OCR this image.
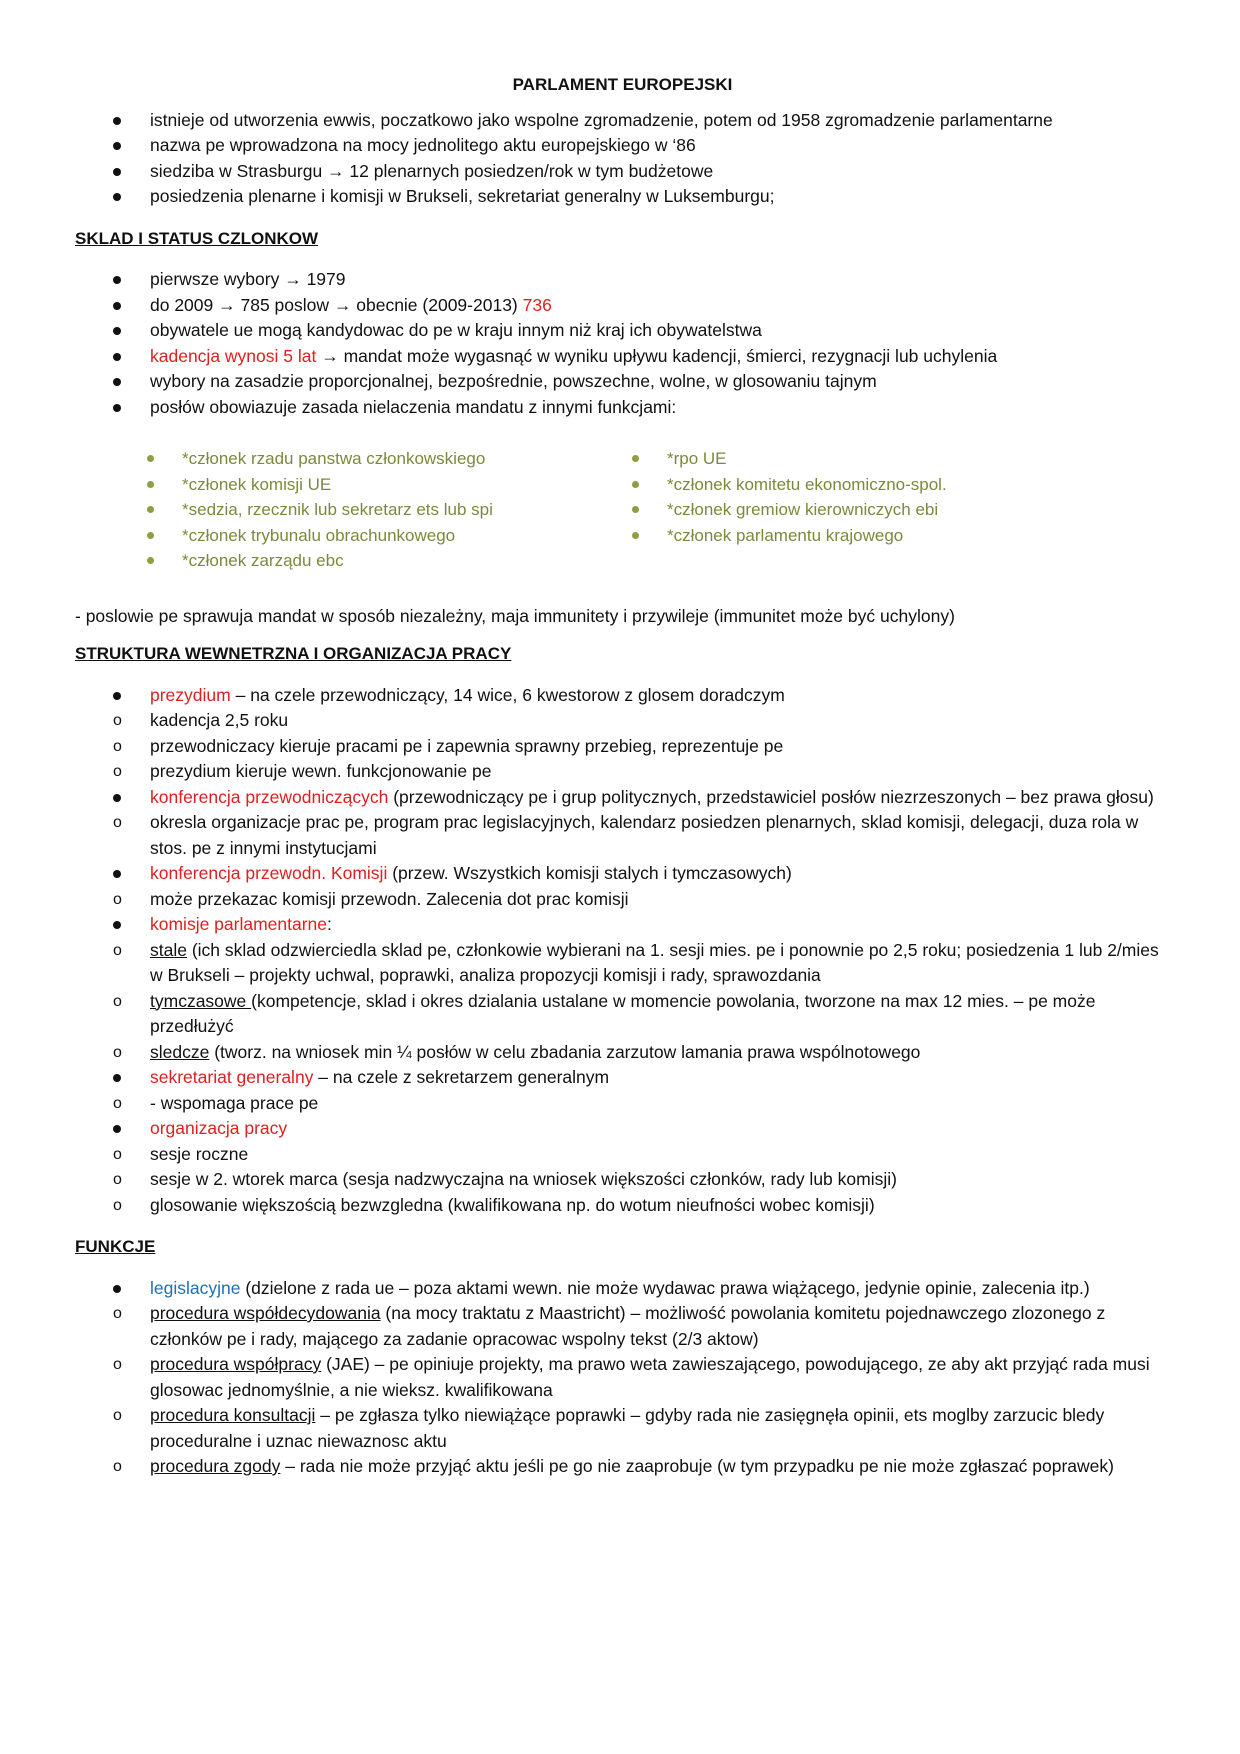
PARLAMENT EUROPEJSKI

istnieje od utworzenia ewwis, poczatkowo jako wspolne zgromadzenie, potem od 1958 zgromadzenie parlamentarne
nazwa pe wprowadzona na mocy jednolitego aktu europejskiego w ‘86
siedziba w Strasburgu → 12 plenarnych posiedzen/rok w tym budżetowe
posiedzenia plenarne i komisji w Brukseli, sekretariat generalny w Luksemburgu;

SKLAD I STATUS CZLONKOW

pierwsze wybory → 1979
do 2009 → 785 poslow → obecnie (2009-2013) 736
obywatele ue mogą kandydowac do pe w kraju innym niż kraj ich obywatelstwa
kadencja wynosi 5 lat → mandat może wygasnąć w wyniku upływu kadencji, śmierci, rezygnacji lub uchylenia
wybory na zasadzie proporcjonalnej, bezpośrednie, powszechne, wolne, w glosowaniu tajnym
posłów obowiazuje zasada nielaczenia mandatu z innymi funkcjami:
*członek rzadu panstwa członkowskiego
*członek komisji UE
*sedzia, rzecznik lub sekretarz ets lub spi
*członek trybunalu obrachunkowego
*członek zarządu ebc
*rpo UE
*członek komitetu ekonomiczno-spol.
*członek gremiow kierowniczych ebi
*członek parlamentu krajowego

- poslowie pe sprawuja mandat w sposób niezależny, maja immunitety i przywileje (immunitet może być uchylony)

STRUKTURA WEWNETRZNA I ORGANIZACJA PRACY

prezydium – na czele przewodniczący, 14 wice, 6 kwestorow z glosem doradczym
o kadencja 2,5 roku
o przewodniczacy kieruje pracami pe i zapewnia sprawny przebieg, reprezentuje pe
o prezydium kieruje wewn. funkcjonowanie pe
konferencja przewodniczących (przewodniczący pe i grup politycznych, przedstawiciel posłów niezrzeszonych – bez prawa głosu)
o okresla organizacje prac pe, program prac legislacyjnych, kalendarz posiedzen plenarnych, sklad komisji, delegacji, duza rola w stos. pe z innymi instytucjami
konferencja przewodn. Komisji (przew. Wszystkich komisji stalych i tymczasowych)
o może przekazac komisji przewodn. Zalecenia dot prac komisji
komisje parlamentarne:
o stale (ich sklad odzwierciedla sklad pe, członkowie wybierani na 1. sesji mies. pe i ponownie po 2,5 roku; posiedzenia 1 lub 2/mies w Brukseli – projekty uchwal, poprawki, analiza propozycji komisji i rady, sprawozdania
o tymczasowe (kompetencje, sklad i okres dzialania ustalane w momencie powolania, tworzone na max 12 mies. – pe może przedłużyć
o sledcze (tworz. na wniosek min ¼ posłów w celu zbadania zarzutow lamania prawa wspólnotowego
sekretariat generalny – na czele z sekretarzem generalnym
o - wspomaga prace pe
organizacja pracy
o sesje roczne
o sesje w 2. wtorek marca (sesja nadzwyczajna na wniosek większości członków, rady lub komisji)
o glosowanie większością bezwzgledna (kwalifikowana np. do wotum nieufności wobec komisji)

FUNKCJE

legislacyjne (dzielone z rada ue – poza aktami wewn. nie może wydawac prawa wiążącego, jedynie opinie, zalecenia itp.)
o procedura współdecydowania (na mocy traktatu z Maastricht) – możliwość powolania komitetu pojednawczego zlozonego z członków pe i rady, mającego za zadanie opracowac wspolny tekst (2/3 aktow)
o procedura współpracy (JAE) – pe opiniuje projekty, ma prawo weta zawieszającego, powodującego, ze aby akt przyjąć rada musi glosowac jednomyślnie, a nie wieksz. kwalifikowana
o procedura konsultacji – pe zgłasza tylko niewiążące poprawki – gdyby rada nie zasięgnęła opinii, ets moglby zarzucic bledy proceduralne i uznac niewaznosc aktu
o procedura zgody – rada nie może przyjąć aktu jeśli pe go nie zaaprobuje (w tym przypadku pe nie może zgłaszać poprawek)
